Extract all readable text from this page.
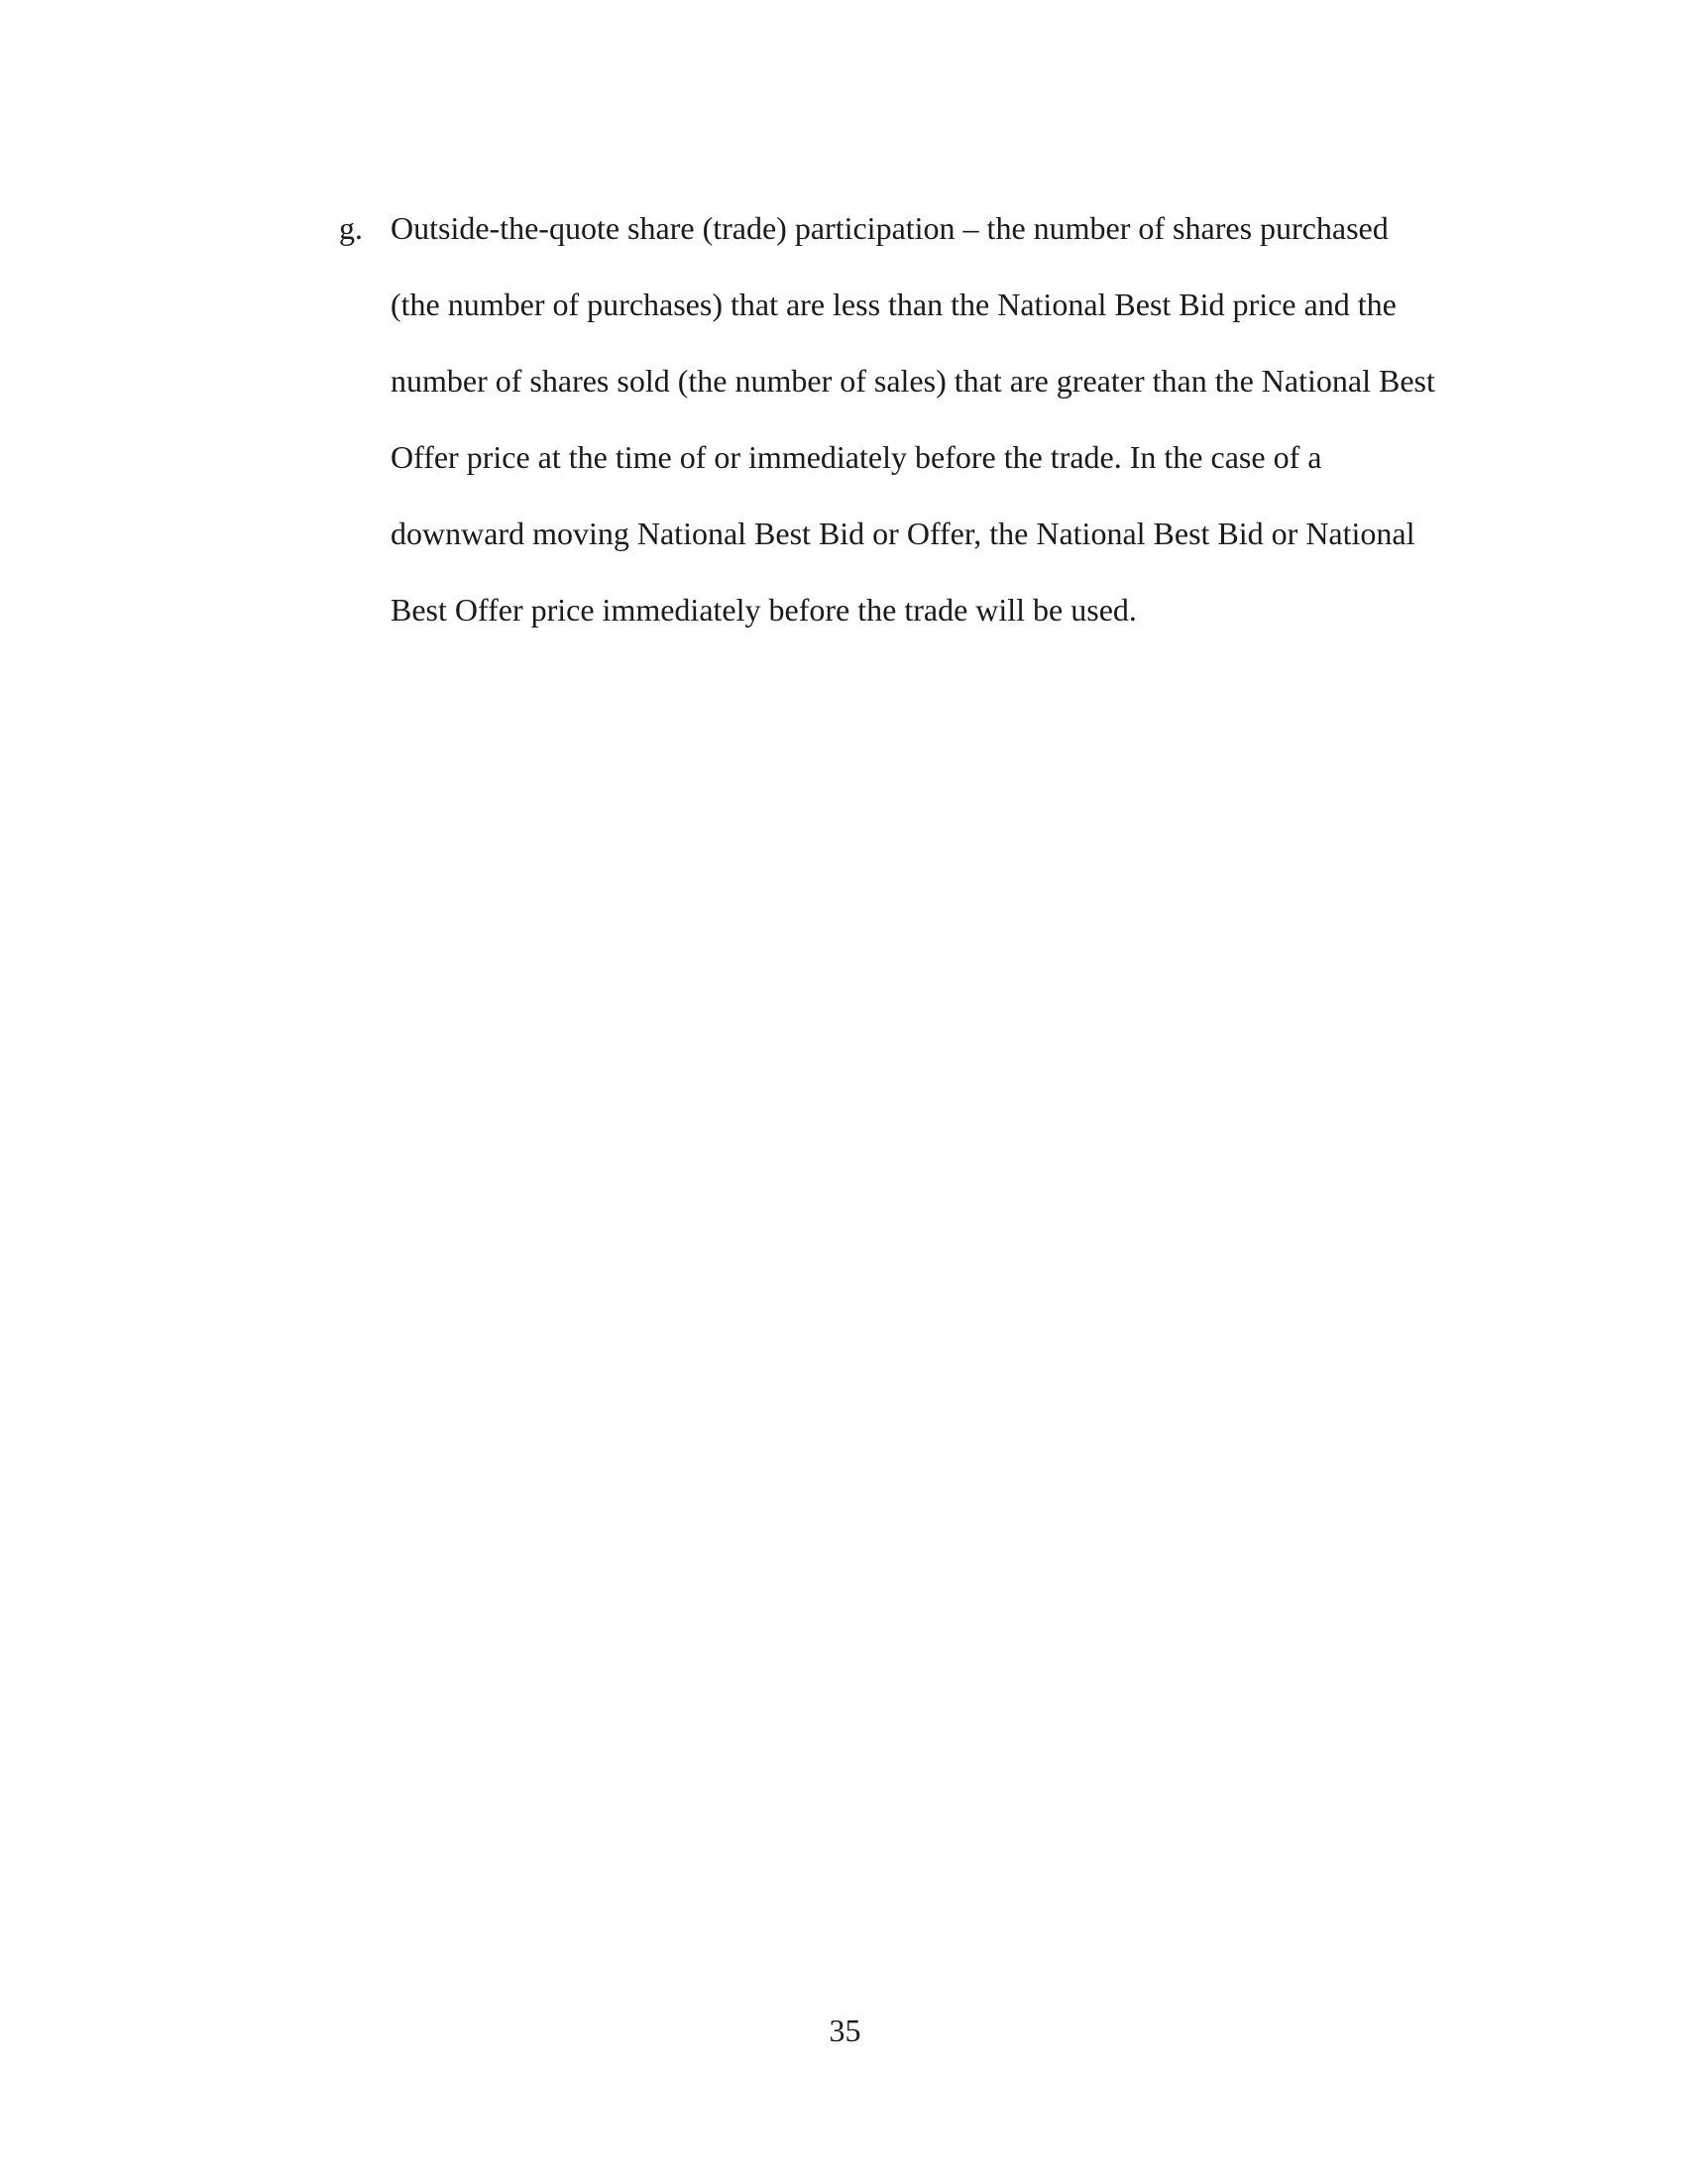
g. Outside-the-quote share (trade) participation – the number of shares purchased
(the number of purchases) that are less than the National Best Bid price and the
number of shares sold (the number of sales) that are greater than the National Best
Offer price at the time of or immediately before the trade. In the case of a
downward moving National Best Bid or Offer, the National Best Bid or National
Best Offer price immediately before the trade will be used.
35
